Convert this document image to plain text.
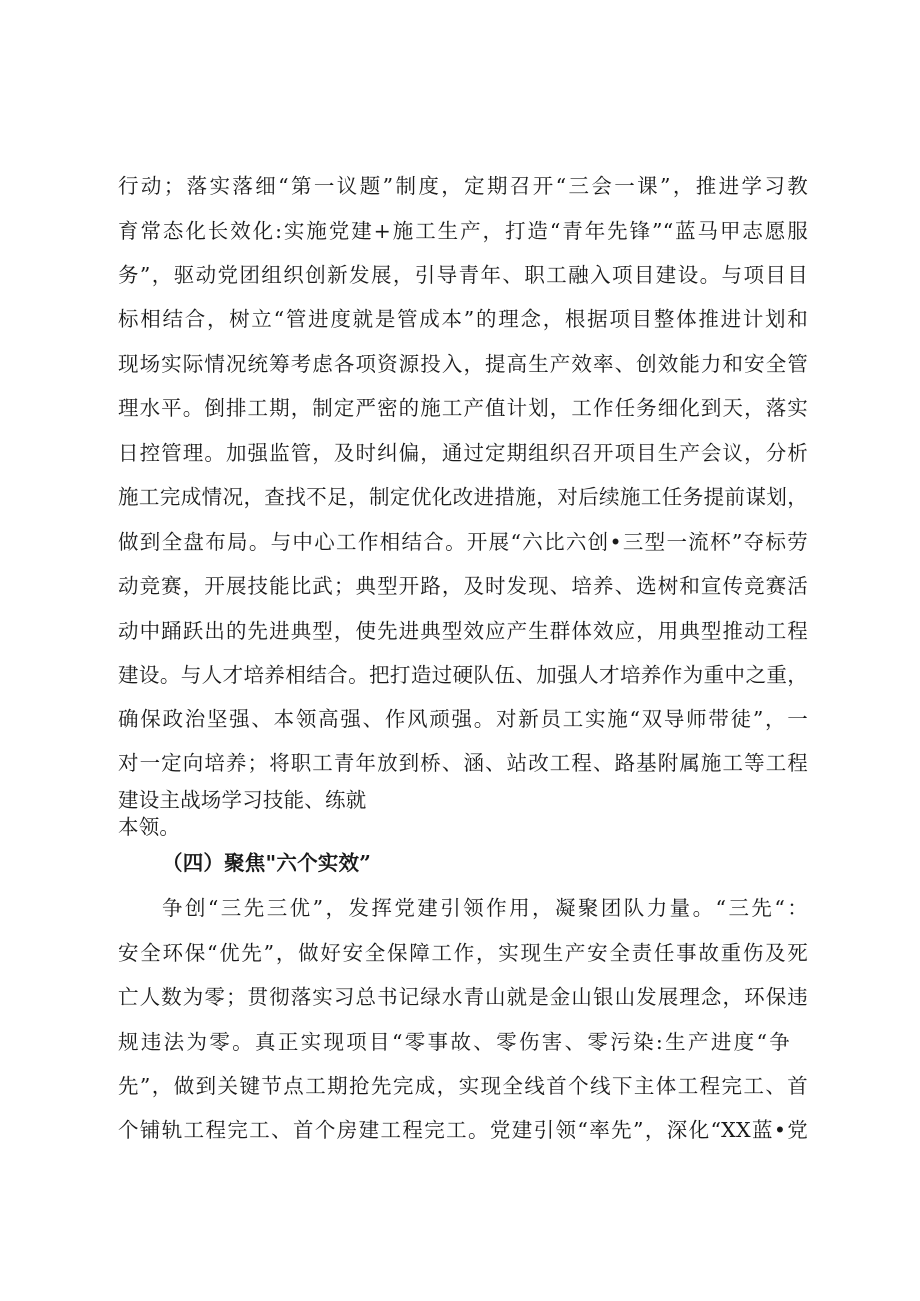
行动；落实落细“第一议题”制度，定期召开“三会一课”，推进学习教
育常态化长效化:实施党建+施工生产，打造“青年先锋”“蓝马甲志愿服
务”，驱动党团组织创新发展，引导青年、职工融入项目建设。与项目目
标相结合，树立“管进度就是管成本”的理念，根据项目整体推进计划和
现场实际情况统筹考虑各项资源投入，提高生产效率、创效能力和安全管
理水平。倒排工期，制定严密的施工产值计划，工作任务细化到天，落实
日控管理。加强监管，及时纠偏，通过定期组织召开项目生产会议，分析
施工完成情况，查找不足，制定优化改进措施，对后续施工任务提前谋划，
做到全盘布局。与中心工作相结合。开展“六比六创•三型一流杯”夺标劳
动竞赛，开展技能比武；典型开路，及时发现、培养、选树和宣传竞赛活
动中踊跃出的先进典型，使先进典型效应产生群体效应，用典型推动工程
建设。与人才培养相结合。把打造过硬队伍、加强人才培养作为重中之重，
确保政治坚强、本领高强、作风顽强。对新员工实施“双导师带徒”，一
对一定向培养；将职工青年放到桥、涵、站改工程、路基附属施工等工程
建设主战场学习技能、练就
本领。
（四）聚焦"六个实效”
争创“三先三优”，发挥党建引领作用，凝聚团队力量。“三先“：
安全环保“优先”，做好安全保障工作，实现生产安全责任事故重伤及死
亡人数为零；贯彻落实习总书记绿水青山就是金山银山发展理念，环保违
规违法为零。真正实现项目“零事故、零伤害、零污染:生产进度“争
先”，做到关键节点工期抢先完成，实现全线首个线下主体工程完工、首
个铺轨工程完工、首个房建工程完工。党建引领“率先”，深化“XX蓝•党
